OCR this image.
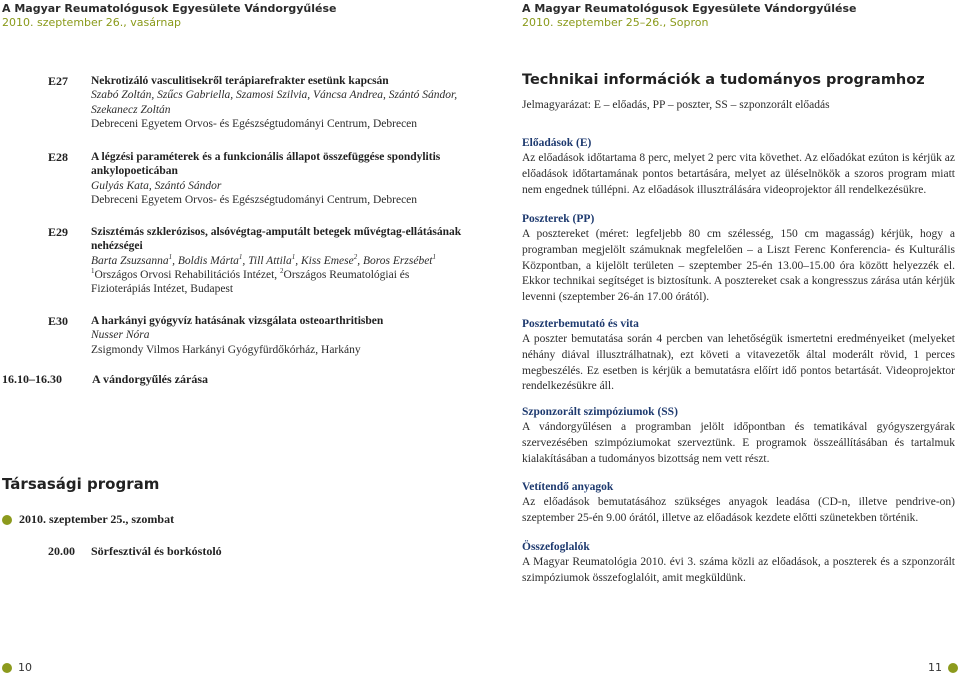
A Magyar Reumatológusok Egyesülete Vándorgyűlése
2010. szeptember 26., vasárnap
A Magyar Reumatológusok Egyesülete Vándorgyűlése
2010. szeptember 25–26., Sopron
E27	Nekrotizáló vasculitisekről terápiarefrakter esetünk kapcsán
Szabó Zoltán, Szűcs Gabriella, Szamosi Szilvia, Váncsa Andrea, Szántó Sándor, Szekanecz Zoltán
Debreceni Egyetem Orvos- és Egészségtudományi Centrum, Debrecen
E28	A légzési paraméterek és a funkcionális állapot összefüggése spondylitis ankylopoeticában
Gulyás Kata, Szántó Sándor
Debreceni Egyetem Orvos- és Egészségtudományi Centrum, Debrecen
E29	Szisztémás szklerózisos, alsóvégtag-amputált betegek művégtag-ellátásának nehézségei
Barta Zsuzsanna$^1$, Boldis Márta$^1$, Till Attila$^1$, Kiss Emese$^2$, Boros Erzsébet$^1$
$^1$Országos Orvosi Rehabilitációs Intézet, $^2$Országos Reumatológiai és Fizioterápiás Intézet, Budapest
E30	A harkányi gyógyvíz hatásának vizsgálata osteoarthritisben
Nusser Nóra
Zsigmondy Vilmos Harkányi Gyógyfürdőkórház, Harkány
16.10–16.30	A vándorgyűlés zárása
Társasági program
2010. szeptember 25., szombat
20.00 Sörfesztivál és borkóstoló
Technikai információk a tudományos programhoz

Jelmagyarázat: E – előadás, PP – poszter, SS – szponzorált előadás

Előadások (E)

Az előadások időtartama 8 perc, melyet 2 perc vita követhet. Az előadókat ezúton is kérjük az előadások időtartamának pontos betartására, melyet az üléselnökök a szoros program miatt nem engednek túllépni. Az előadások illusztrálására videoprojektor áll rendelkezésükre.

Poszterek (PP)

A posztereket (méret: legfeljebb 80 cm szélesség, 150 cm magasság) kérjük, hogy a programban megjelölt számuknak megfelelően – a Liszt Ferenc Konferencia- és Kulturális Központban, a kijelölt területen – szeptember 25-én 13.00–15.00 óra között helyezzék el. Ekkor technikai segítséget is biztosítunk. A posztereket csak a kongresszus zárása után kérjük levenni (szeptember 26-án 17.00 órától).

Poszterbemutató és vita

A poszter bemutatása során 4 percben van lehetőségük ismertetni eredményeiket (melyeket néhány diával illusztrálhatnak), ezt követi a vitavezetők által moderált rövid, 1 perces megbeszélés. Ez esetben is kérjük a bemutatásra előírt idő pontos betartását. Videoprojektor rendelkezésükre áll.

Szponzorált szimpóziumok (SS)

A vándorgyűlésen a programban jelölt időpontban és tematikával gyógyszergyárak szervezésében szimpóziumokat szerveztünk. E programok összeállításában és tartalmuk kialakításában a tudományos bizottság nem vett részt.

Vetítendő anyagok

Az előadások bemutatásához szükséges anyagok leadása (CD-n, illetve pendrive-on) szeptember 25-én 9.00 órától, illetve az előadások kezdete előtti szünetekben történik.

Összefoglalók

A Magyar Reumatológia 2010. évi 3. száma közli az előadások, a poszterek és a szponzorált szimpóziumok összefoglalóit, amit megküldünk.

10	11
